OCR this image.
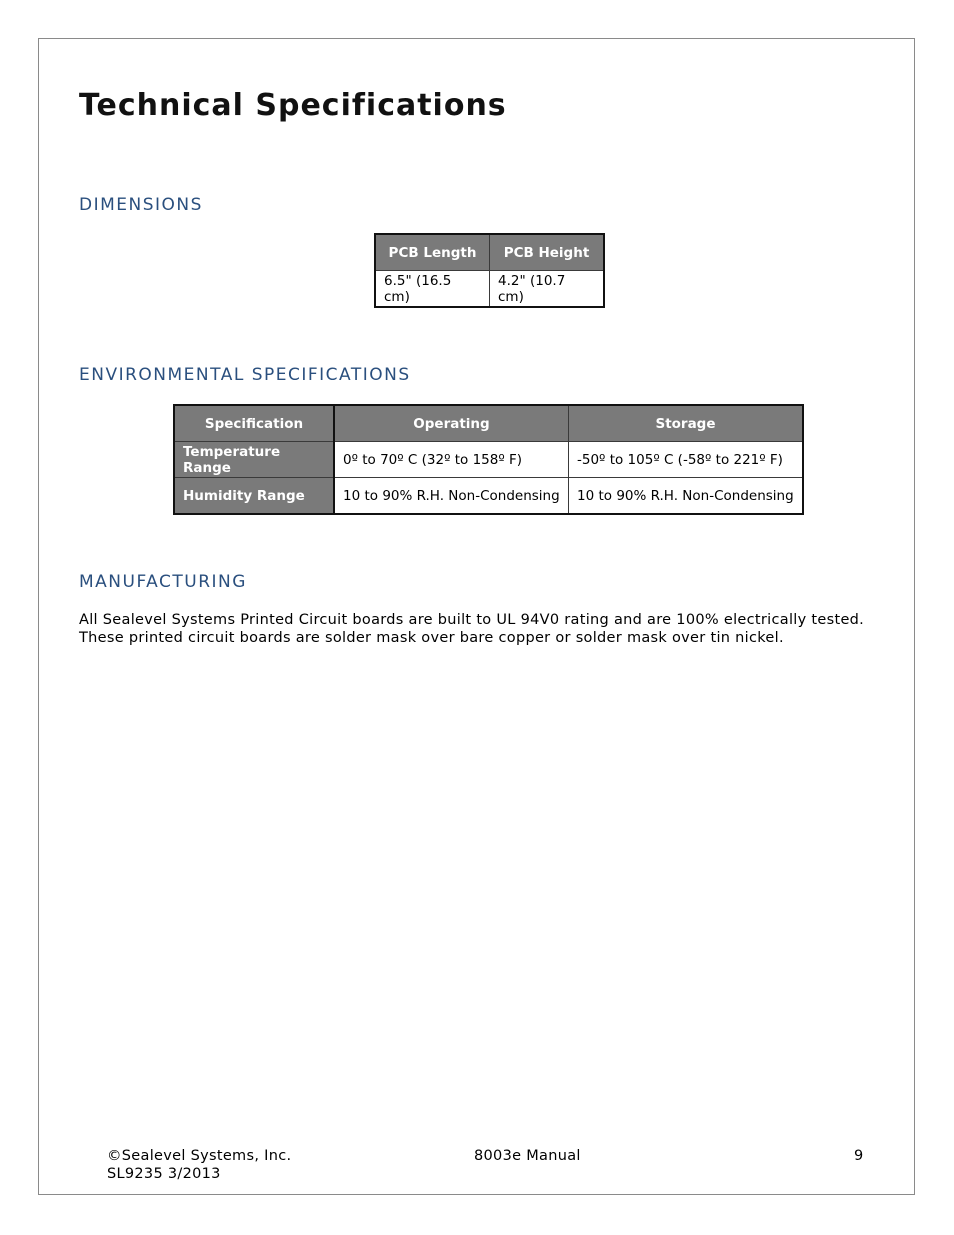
Technical Specifications
DIMENSIONS
PCB Length	PCB Height
6.5" (16.5 cm)	4.2" (10.7 cm)
ENVIRONMENTAL SPECIFICATIONS
Specification	Operating	Storage
Temperature Range	0º to 70º C (32º to 158º F)	-50º to 105º C (-58º to 221º F)
Humidity Range	10 to 90% R.H. Non-Condensing	10 to 90% R.H. Non-Condensing
MANUFACTURING
All Sealevel Systems Printed Circuit boards are built to UL 94V0 rating and are 100% electrically tested.
These printed circuit boards are solder mask over bare copper or solder mask over tin nickel.
©Sealevel Systems, Inc.
SL9235 3/2013
8003e Manual	9
